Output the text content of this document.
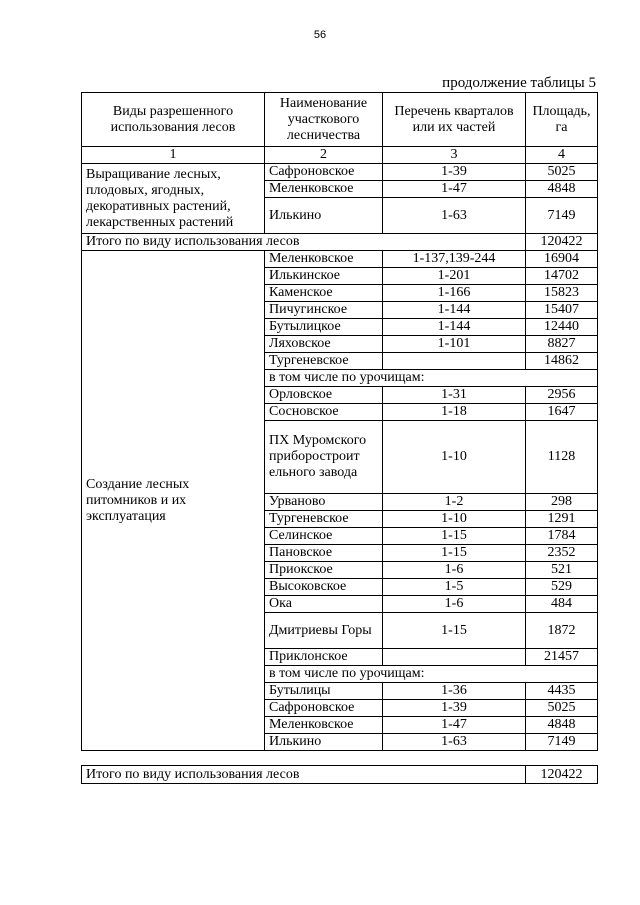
56
продолжение таблицы 5
Виды разрешенного использования лесов	Наименование участкового лесничества	Перечень кварталов или их частей	Площадь, га
1	2	3	4
Выращивание лесных, плодовых, ягодных, декоративных растений, лекарственных растений	Сафроновское	1-39	5025
	Меленковское	1-47	4848
	Илькино	1-63	7149
Итого по виду использования лесов			120422
Создание лесных питомников и их эксплуатация	Меленковское	1-137,139-244	16904
	Илькинское	1-201	14702
	Каменское	1-166	15823
	Пичугинское	1-144	15407
	Бутылицкое	1-144	12440
	Ляховское	1-101	8827
	Тургеневское		14862
	в том числе по урочищам:		
	Орловское	1-31	2956
	Сосновское	1-18	1647
	ПХ Муромского приборостроит ельного завода	1-10	1128
	Урваново	1-2	298
	Тургеневское	1-10	1291
	Селинское	1-15	1784
	Пановское	1-15	2352
	Приокское	1-6	521
	Высоковское	1-5	529
	Ока	1-6	484
	Дмитриевы Горы	1-15	1872
	Приклонское		21457
	в том числе по урочищам:		
	Бутылицы	1-36	4435
	Сафроновское	1-39	5025
	Меленковское	1-47	4848
	Илькино	1-63	7149
Итого по виду использования лесов	120422
